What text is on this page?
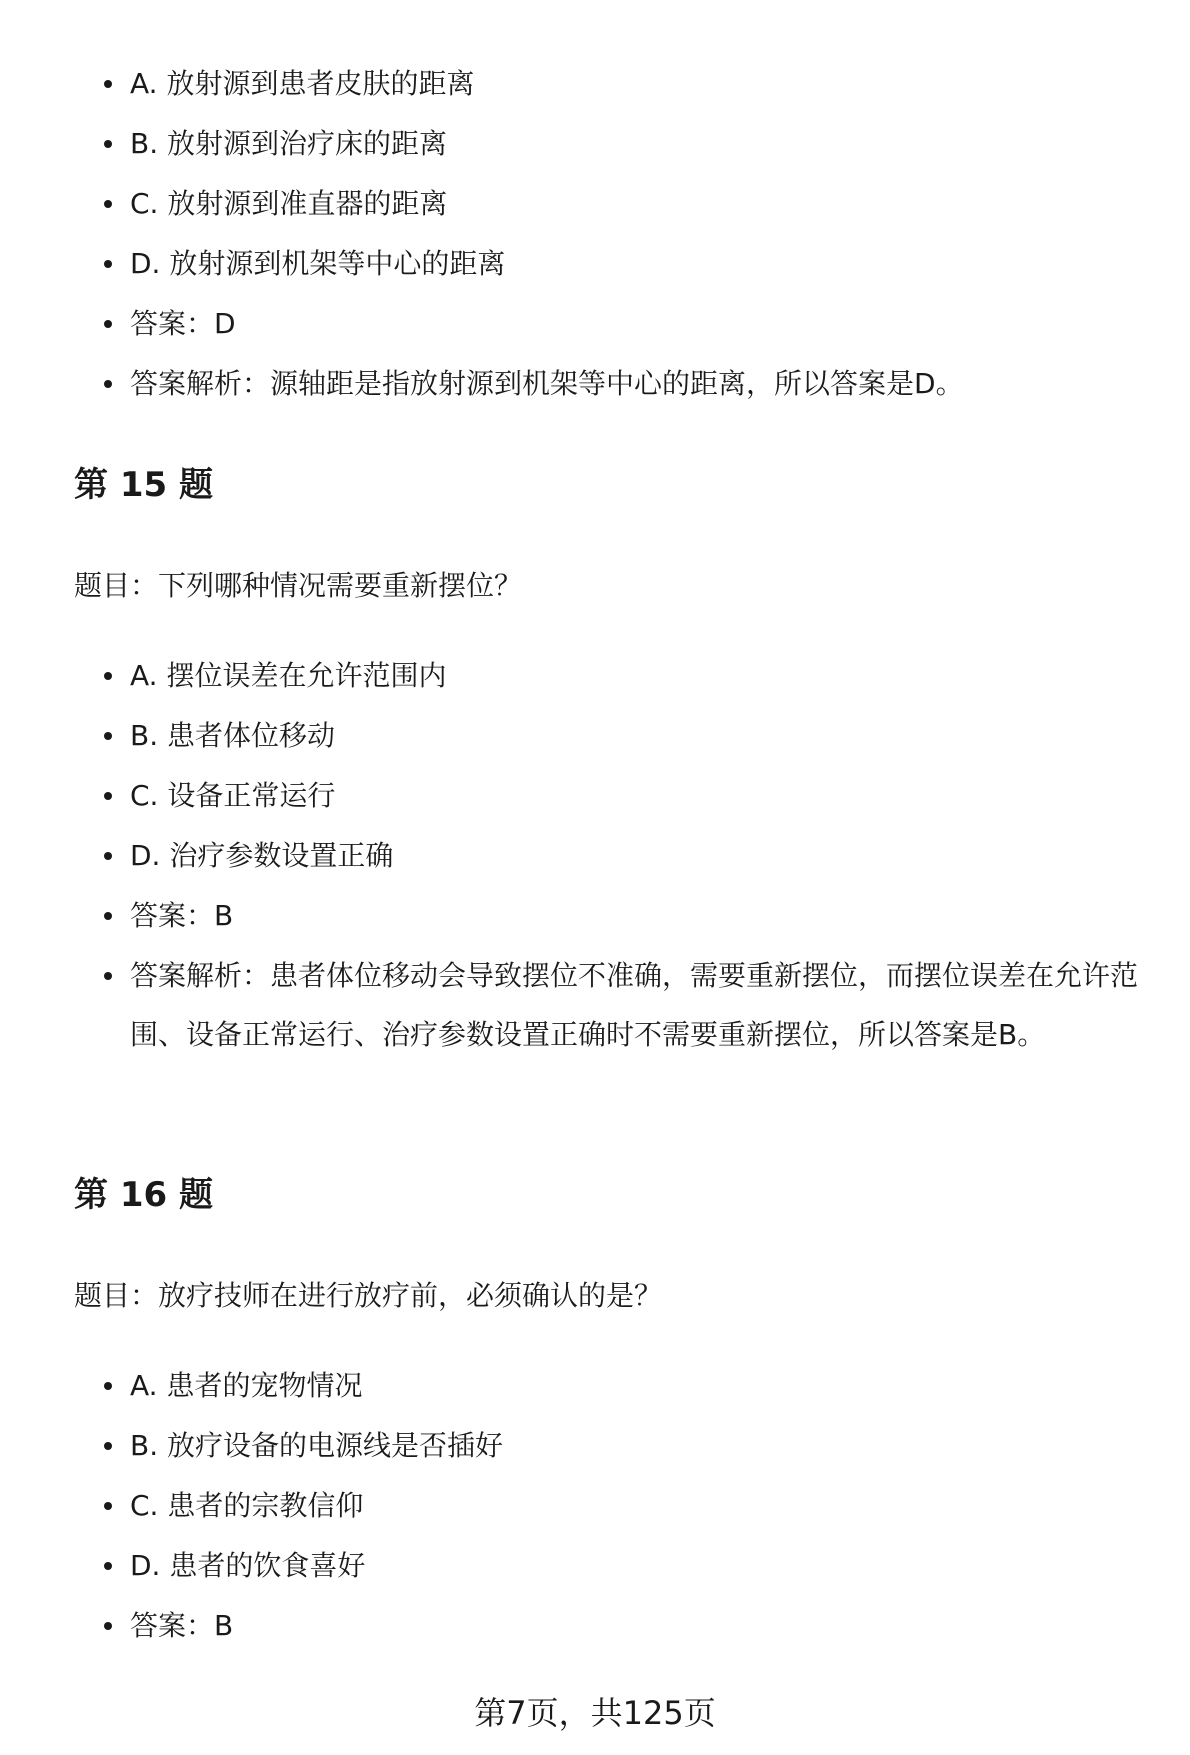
A. 放射源到患者皮肤的距离
B. 放射源到治疗床的距离
C. 放射源到准直器的距离
D. 放射源到机架等中心的距离
答案：D
答案解析：源轴距是指放射源到机架等中心的距离，所以答案是D。
第 15 题

题目：下列哪种情况需要重新摆位？

A. 摆位误差在允许范围内
B. 患者体位移动
C. 设备正常运行
D. 治疗参数设置正确
答案：B
答案解析：患者体位移动会导致摆位不准确，需要重新摆位，而摆位误差在允许范围、设备正常运行、治疗参数设置正确时不需要重新摆位，所以答案是B。
第 16 题

题目：放疗技师在进行放疗前，必须确认的是？

A. 患者的宠物情况
B. 放疗设备的电源线是否插好
C. 患者的宗教信仰
D. 患者的饮食喜好
答案：B
第7页，共125页
